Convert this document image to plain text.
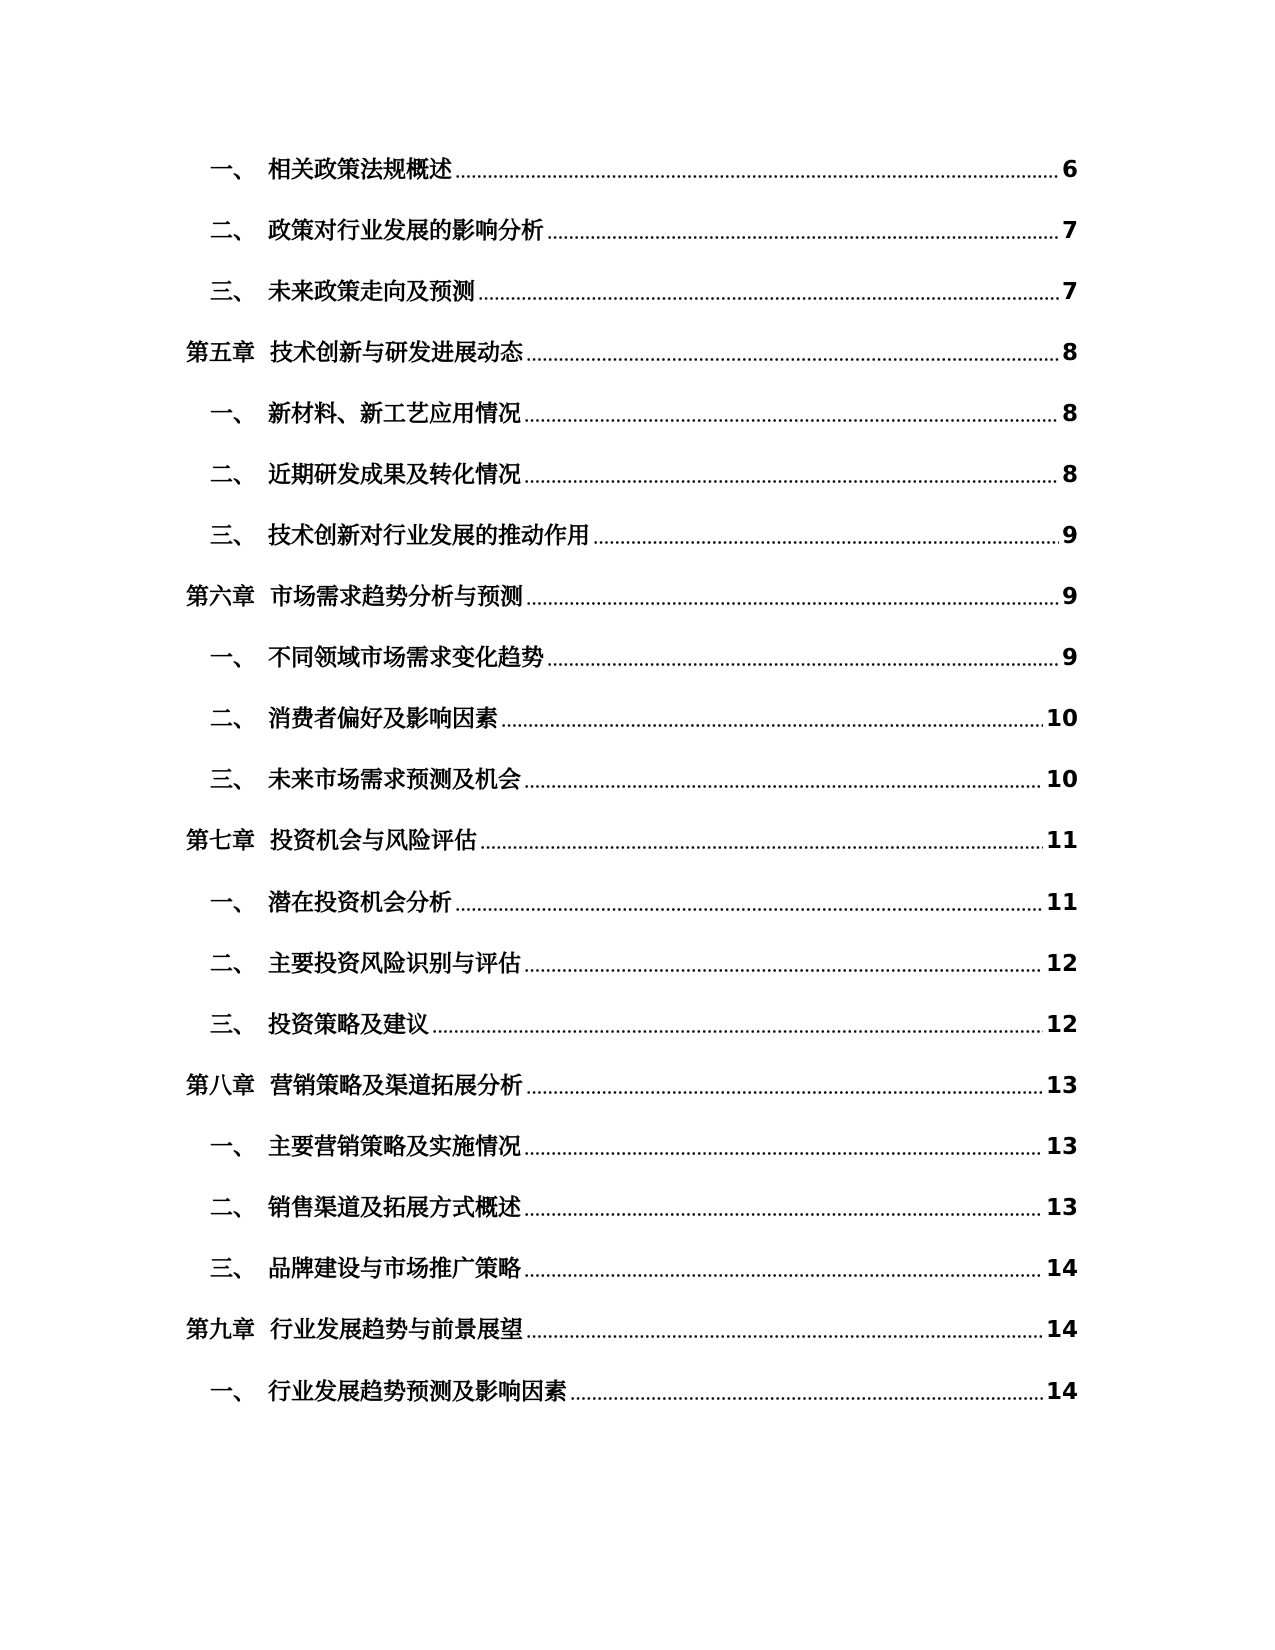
一、 相关政策法规概述	6
二、 政策对行业发展的影响分析	7
三、 未来政策走向及预测	7
第五章 技术创新与研发进展动态	8
一、 新材料、新工艺应用情况	8
二、 近期研发成果及转化情况	8
三、 技术创新对行业发展的推动作用	9
第六章 市场需求趋势分析与预测	9
一、 不同领域市场需求变化趋势	9
二、 消费者偏好及影响因素	10
三、 未来市场需求预测及机会	10
第七章 投资机会与风险评估	11
一、 潜在投资机会分析	11
二、 主要投资风险识别与评估	12
三、 投资策略及建议	12
第八章 营销策略及渠道拓展分析	13
一、 主要营销策略及实施情况	13
二、 销售渠道及拓展方式概述	13
三、 品牌建设与市场推广策略	14
第九章 行业发展趋势与前景展望	14
一、 行业发展趋势预测及影响因素	14
